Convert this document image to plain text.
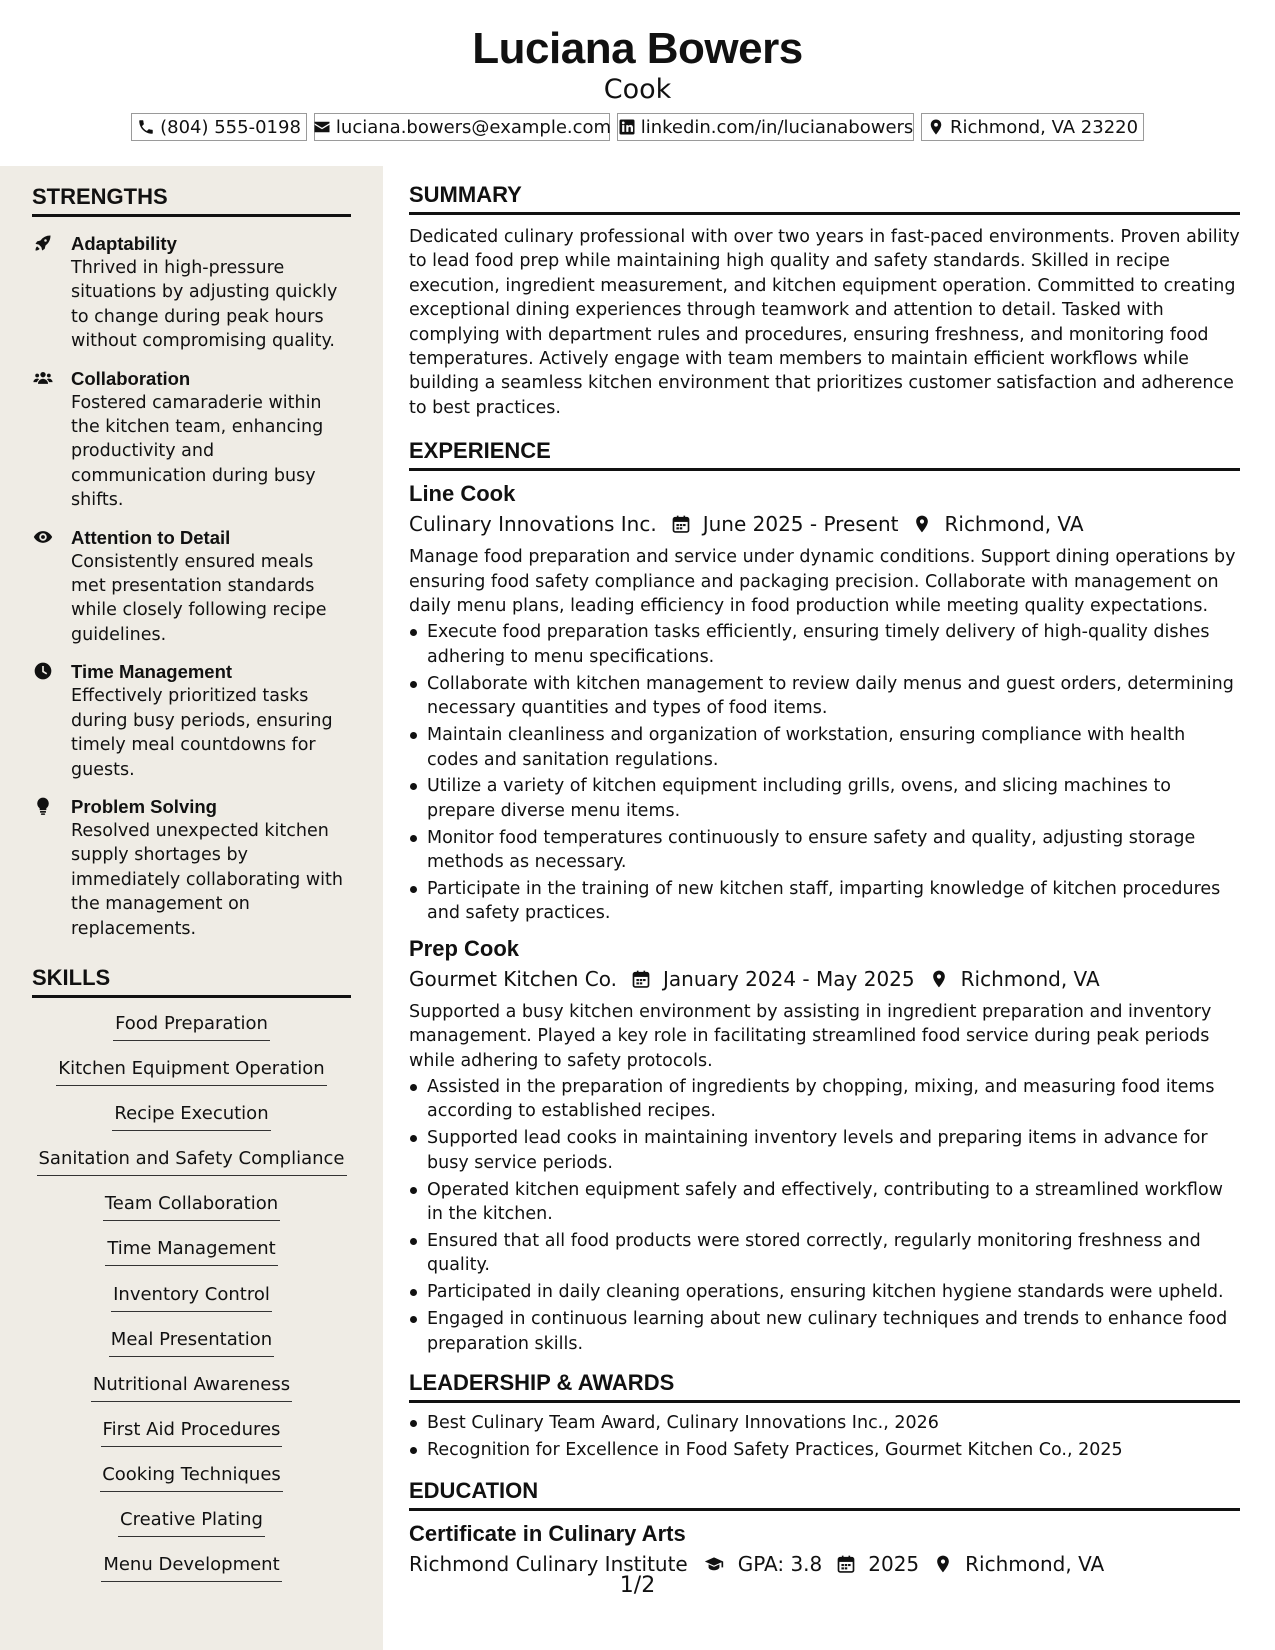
Luciana Bowers
Cook
(804) 555-0198 luciana.bowers@example.com linkedin.com/in/lucianabowers Richmond, VA 23220
STRENGTHS
Adaptability
Thrived in high-pressure situations by adjusting quickly to change during peak hours without compromising quality.
Collaboration
Fostered camaraderie within the kitchen team, enhancing productivity and communication during busy shifts.
Attention to Detail
Consistently ensured meals met presentation standards while closely following recipe guidelines.
Time Management
Effectively prioritized tasks during busy periods, ensuring timely meal countdowns for guests.
Problem Solving
Resolved unexpected kitchen supply shortages by immediately collaborating with the management on replacements.
SKILLS
Food Preparation
Kitchen Equipment Operation
Recipe Execution
Sanitation and Safety Compliance
Team Collaboration
Time Management
Inventory Control
Meal Presentation
Nutritional Awareness
First Aid Procedures
Cooking Techniques
Creative Plating
Menu Development
SUMMARY

Dedicated culinary professional with over two years in fast-paced environments. Proven ability to lead food prep while maintaining high quality and safety standards. Skilled in recipe execution, ingredient measurement, and kitchen equipment operation. Committed to creating exceptional dining experiences through teamwork and attention to detail. Tasked with complying with department rules and procedures, ensuring freshness, and monitoring food temperatures. Actively engage with team members to maintain efficient workflows while building a seamless kitchen environment that prioritizes customer satisfaction and adherence to best practices.

EXPERIENCE
Line Cook
Culinary Innovations Inc. June 2025 - Present Richmond, VA

Manage food preparation and service under dynamic conditions. Support dining operations by ensuring food safety compliance and packaging precision. Collaborate with management on daily menu plans, leading efficiency in food production while meeting quality expectations.

Execute food preparation tasks efficiently, ensuring timely delivery of high-quality dishes adhering to menu specifications.
Collaborate with kitchen management to review daily menus and guest orders, determining necessary quantities and types of food items.
Maintain cleanliness and organization of workstation, ensuring compliance with health codes and sanitation regulations.
Utilize a variety of kitchen equipment including grills, ovens, and slicing machines to prepare diverse menu items.
Monitor food temperatures continuously to ensure safety and quality, adjusting storage methods as necessary.
Participate in the training of new kitchen staff, imparting knowledge of kitchen procedures and safety practices.
Prep Cook
Gourmet Kitchen Co. January 2024 - May 2025 Richmond, VA

Supported a busy kitchen environment by assisting in ingredient preparation and inventory management. Played a key role in facilitating streamlined food service during peak periods while adhering to safety protocols.

Assisted in the preparation of ingredients by chopping, mixing, and measuring food items according to established recipes.
Supported lead cooks in maintaining inventory levels and preparing items in advance for busy service periods.
Operated kitchen equipment safely and effectively, contributing to a streamlined workflow in the kitchen.
Ensured that all food products were stored correctly, regularly monitoring freshness and quality.
Participated in daily cleaning operations, ensuring kitchen hygiene standards were upheld.
Engaged in continuous learning about new culinary techniques and trends to enhance food preparation skills.
LEADERSHIP & AWARDS
Best Culinary Team Award, Culinary Innovations Inc., 2026
Recognition for Excellence in Food Safety Practices, Gourmet Kitchen Co., 2025
EDUCATION
Certificate in Culinary Arts
Richmond Culinary Institute	GPA: 3.8 2025 Richmond, VA
1/2
